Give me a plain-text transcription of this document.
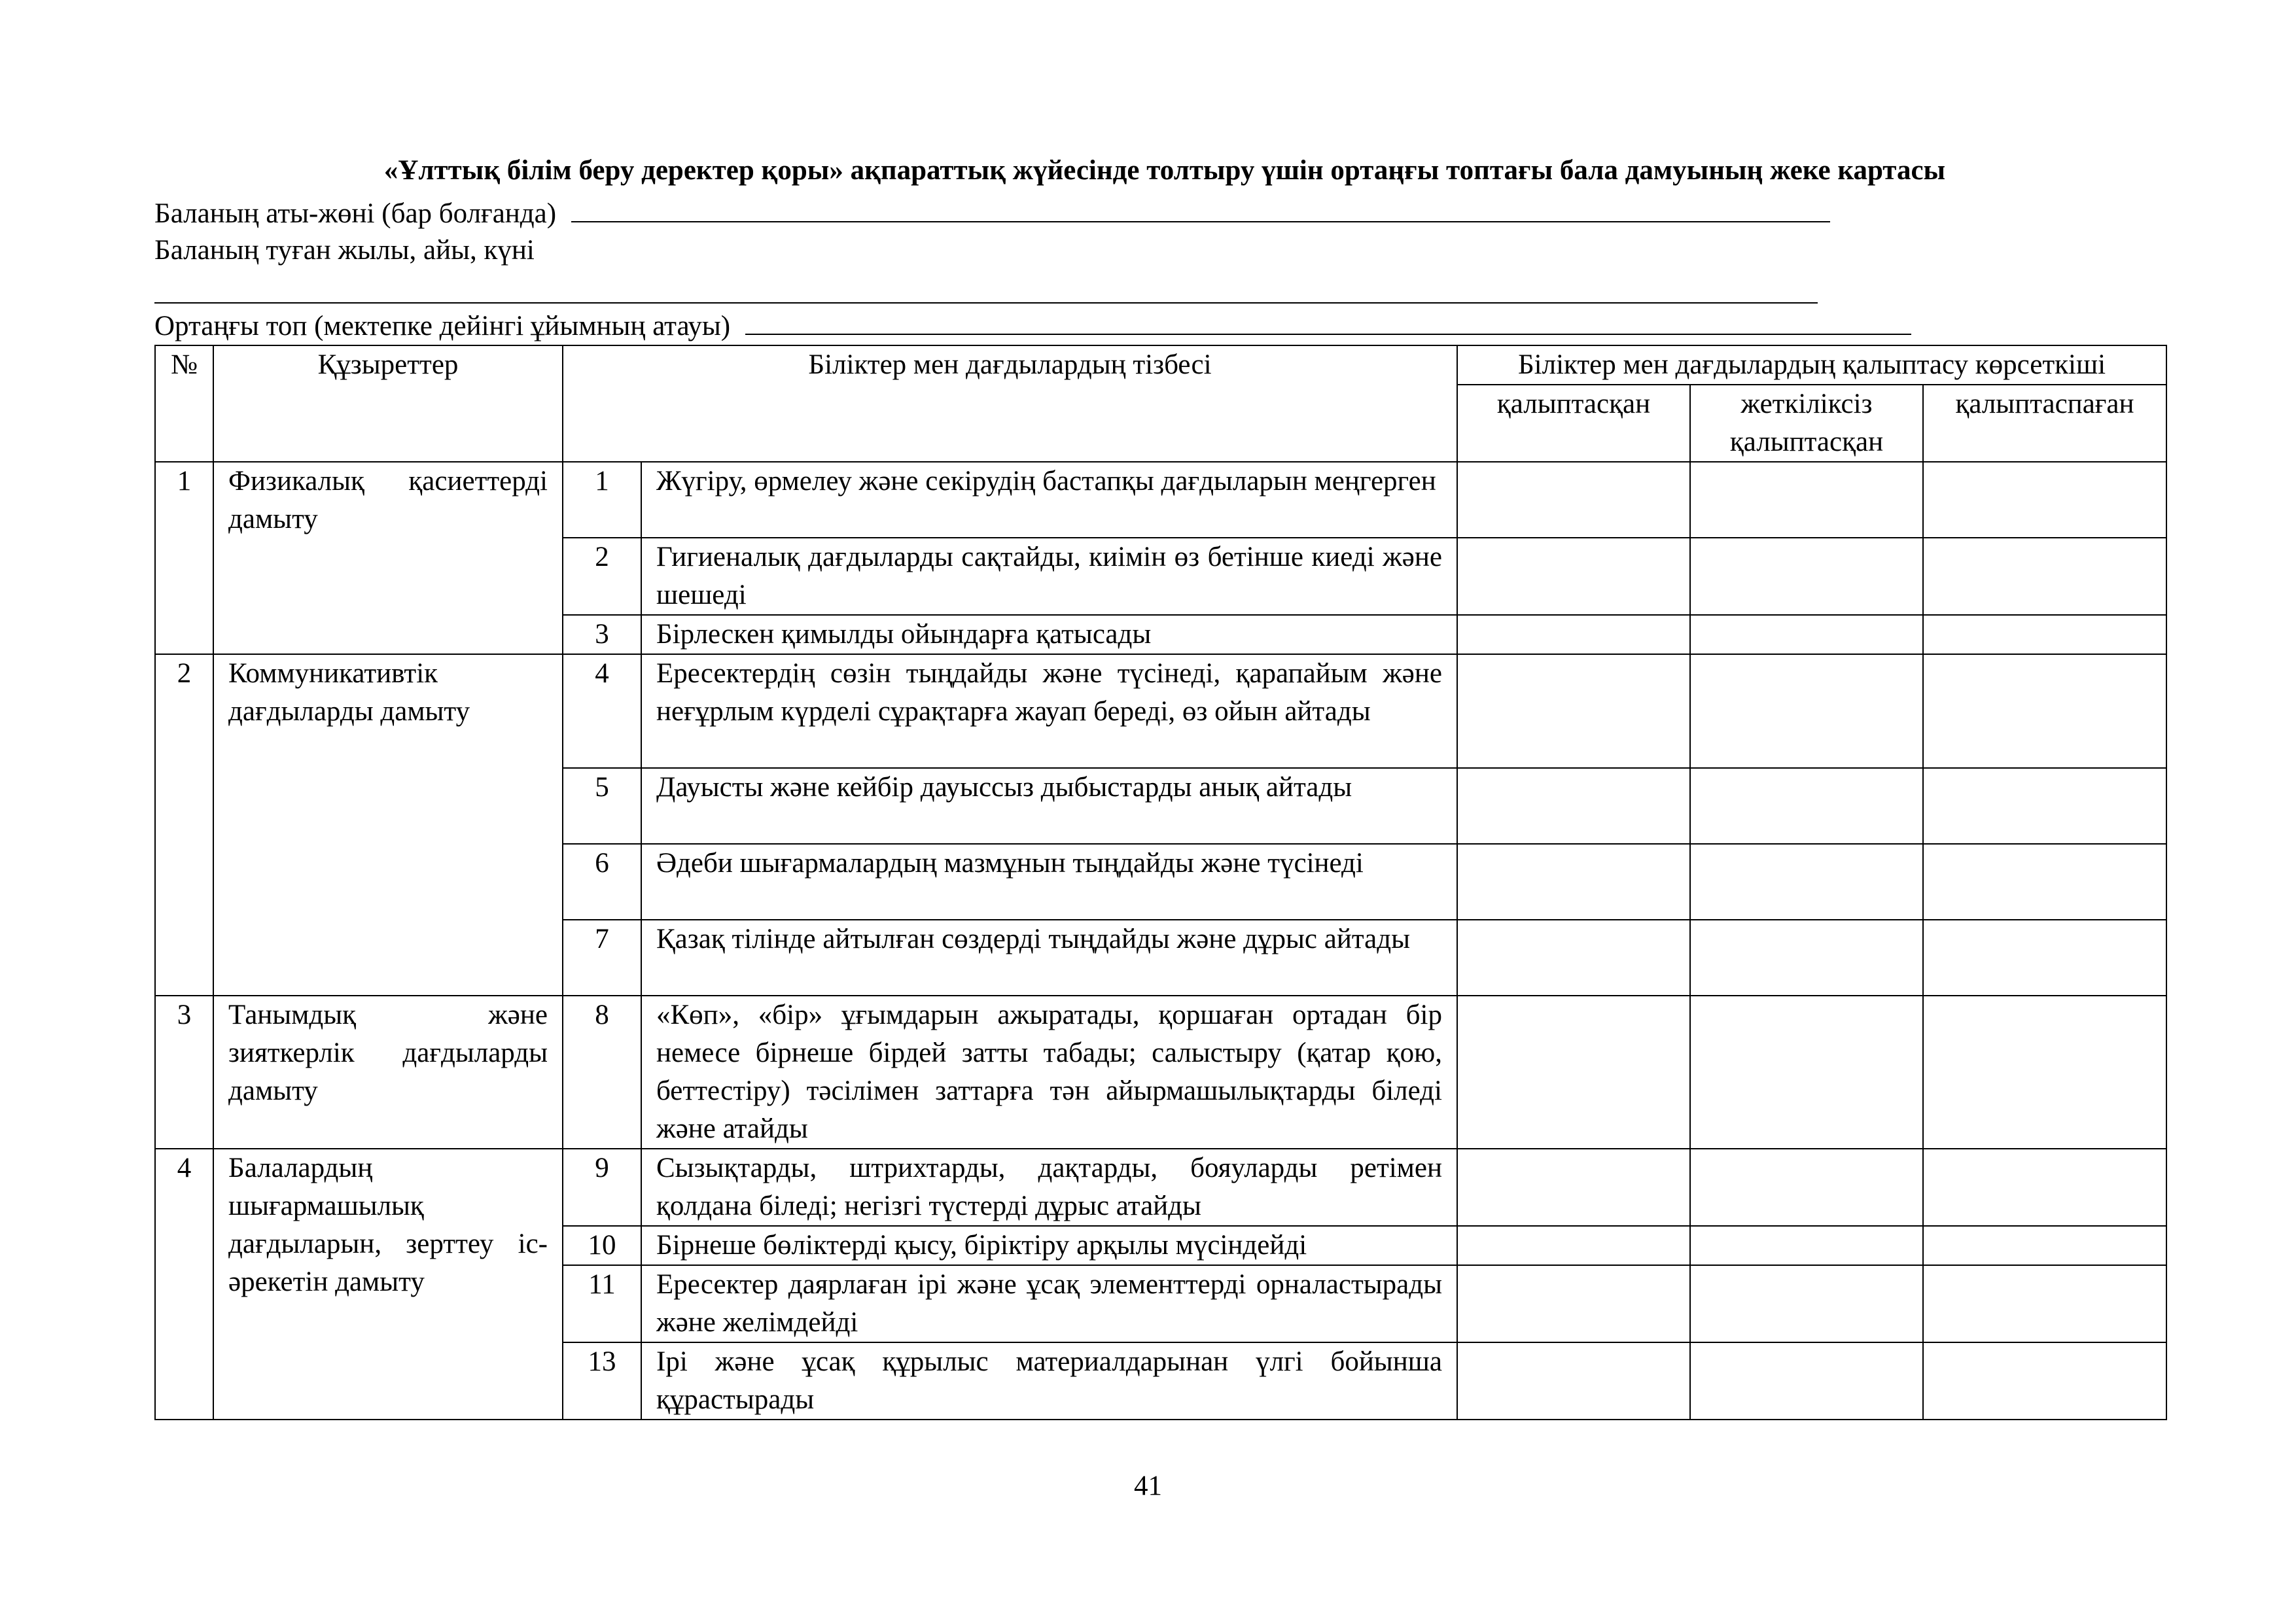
«Ұлттық білім беру деректер қоры» ақпараттық жүйесінде толтыру үшін ортаңғы топтағы бала дамуының жеке картасы
Баланың аты-жөні (бар болғанда)
Баланың туған жылы, айы, күні
Ортаңғы топ (мектепке дейінгі ұйымның атауы)
№	Құзыреттер	Біліктер мен дағдылардың тізбесі		Біліктер мен дағдылардың қалыптасу көрсеткіші		
				қалыптасқан	жеткіліксіз қалыптасқан	қалыптаспаған
1	Физикалық қасиеттерді дамыту	1	Жүгіру, өрмелеу және секірудің бастапқы дағдыларын меңгерген			
		2	Гигиеналық дағдыларды сақтайды, киімін өз бетінше киеді және шешеді			
		3	Бірлескен қимылды ойындарға қатысады			
2	Коммуникативтік дағдыларды дамыту	4	Ересектердің сөзін тыңдайды және түсінеді, қарапайым және неғұрлым күрделі сұрақтарға жауап береді, өз ойын айтады			
		5	Дауысты және кейбір дауыссыз дыбыстарды анық айтады			
		6	Әдеби шығармалардың мазмұнын тыңдайды және түсінеді			
		7	Қазақ тілінде айтылған сөздерді тыңдайды және дұрыс айтады			
3	Танымдық және зияткерлік дағдыларды дамыту	8	«Көп», «бір» ұғымдарын ажыратады, қоршаған ортадан бір немесе бірнеше бірдей затты табады; салыстыру (қатар қою, беттестіру) тәсілімен заттарға тән айырмашылықтарды біледі және атайды			
4	Балалардың шығармашылық дағдыларын, зерттеу іс-әрекетін дамыту	9	Сызықтарды, штрихтарды, дақтарды, бояуларды ретімен қолдана біледі; негізгі түстерді дұрыс атайды			
		10	Бірнеше бөліктерді қысу, біріктіру арқылы мүсіндейді			
		11	Ересектер даярлаған ірі және ұсақ элементтерді орналастырады және желімдейді			
		13	Ірі және ұсақ құрылыс материалдарынан үлгі бойынша құрастырады			
41
